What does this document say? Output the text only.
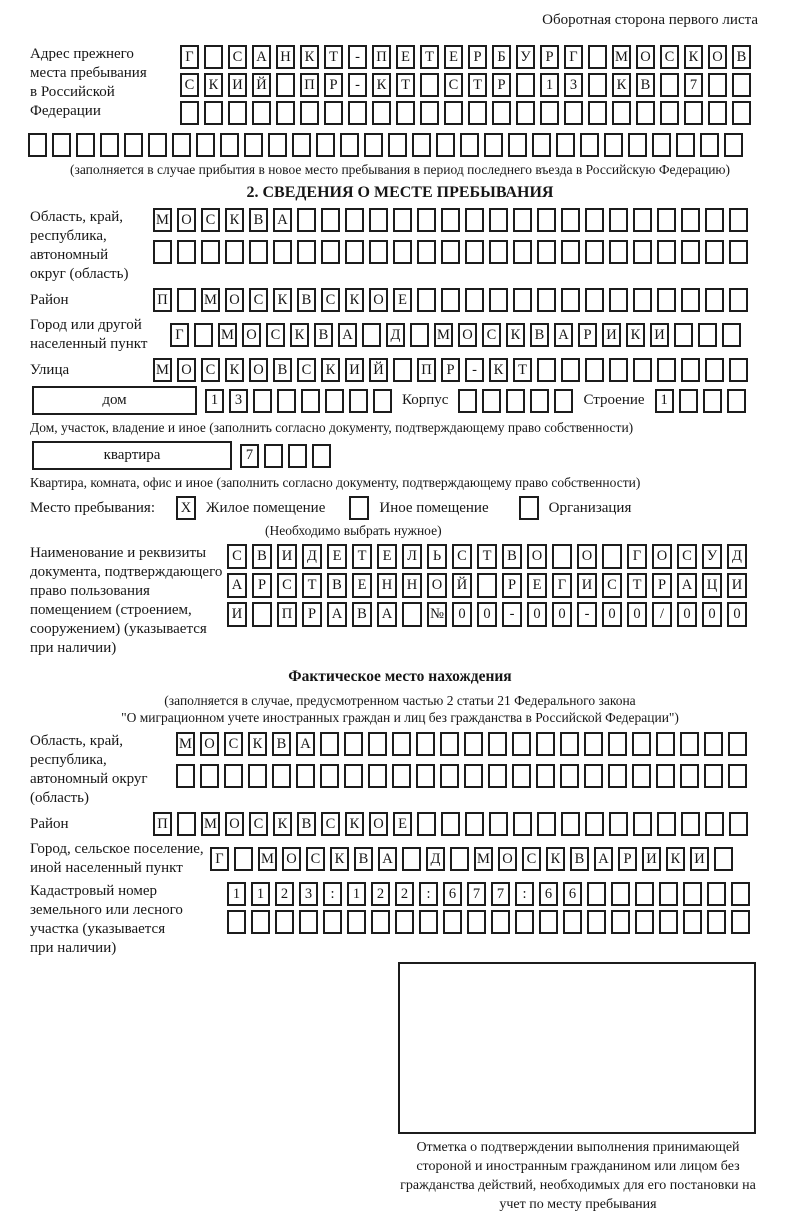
Оборотная сторона первого листа
Адрес прежнего
места пребывания
в Российской
Федерации
Г	С А Н К	Т	-	П Е	Т	Е	Р	Б	У	Р	Г	М О С К О В
С К И Й	П	Р	-	К	Т	С	Т	Р	1	3	К В	7
(заполняется в случае прибытия в новое место пребывания в период последнего въезда в Российскую Федерацию)
2. СВЕДЕНИЯ О МЕСТЕ ПРЕБЫВАНИЯ
Область, край,
республика,
автономный
округ (область)
М О С К В А
Район	П	М О С К В С К О Е
Город или другой
населенный пункт
Г	М О С К В А	Д	М О С К В А	Р	И К И
Улица	М О С К О В С К И Й	П	Р	-	К	Т
дом	1	3	Корпус	Строение	1
Дом, участок, владение и иное (заполнить согласно документу, подтверждающему право собственности)
квартира	7
Квартира, комната, офис и иное (заполнить согласно документу, подтверждающему право собственности)
Место пребывания:	X Жилое помещение	Иное помещение	Организация
(Необходимо выбрать нужное)
Наименование и реквизиты
документа, подтверждающего
право пользования
помещением (строением,
сооружением) (указывается
при наличии)
С	В	И	Д	Е	Т	Е	Л	Ь	С	Т	В	О	О	Г	О	С	У	Д
А	Р	С	Т	В	Е	Н	Н	О	Й	Р	Е	Г	И	С	Т	Р	А	Ц	И
И	П	Р	А	В	А	№ 0	0	-	0	0	-	0	0	/	0	0	0
Фактическое место нахождения
(заполняется в случае, предусмотренном частью 2 статьи 21 Федерального закона
"О миграционном учете иностранных граждан и лиц без гражданства в Российской Федерации")
Область, край,
республика,
автономный округ
(область)
М О С К В А
Район	П	М О С К В С К О Е
Город, сельское поселение,
иной населенный пункт
Г	М О С К В А	Д	М О С К В А	Р	И К И
Кадастровый номер
земельного или лесного
участка (указывается
при наличии)
1	1	2	3	:	1	2	2	:	6	7	7	:	6	6
Отметка о подтверждении выполнения принимающей стороной и иностранным гражданином или лицом без гражданства действий, необходимых для его постановки на учет по месту пребывания
